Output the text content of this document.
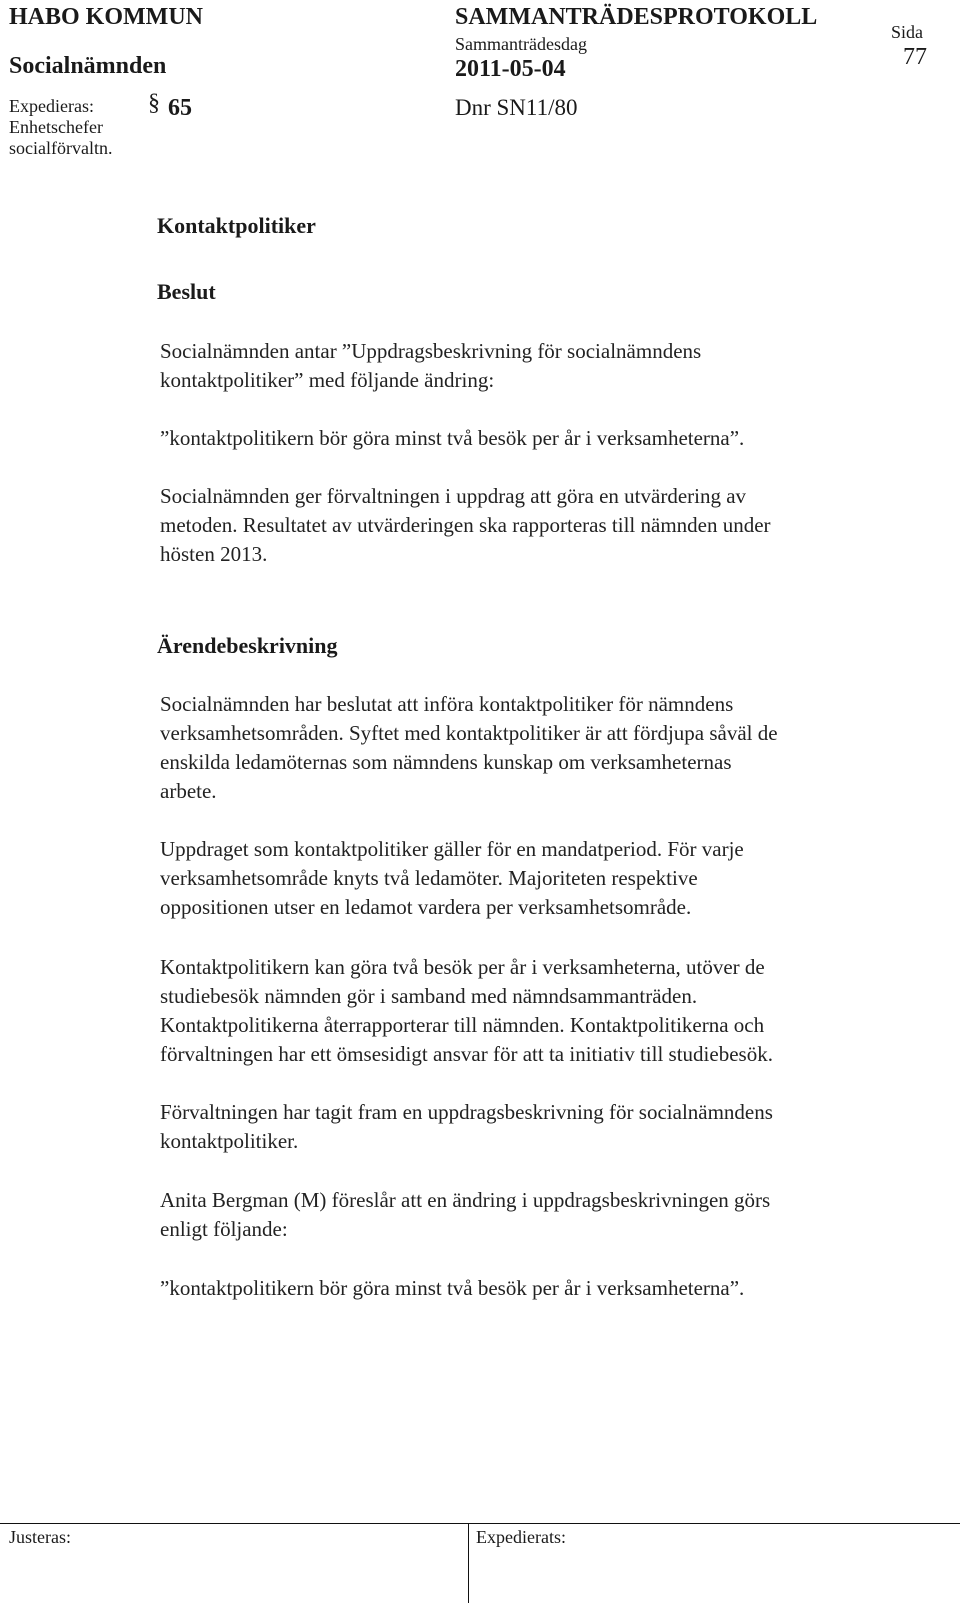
HABO KOMMUN
Socialnämnden
SAMMANTRÄDESPROTOKOLL
Sammanträdesdag
2011-05-04
Sida
77
Expedieras:
Enhetschefer
socialförvaltn.
§ 65	Dnr SN11/80
Kontaktpolitiker
Beslut

Socialnämnden antar ”Uppdragsbeskrivning för socialnämndens

kontaktpolitiker” med följande ändring:

”kontaktpolitikern bör göra minst två besök per år i verksamheterna”.

Socialnämnden ger förvaltningen i uppdrag att göra en utvärdering av

metoden. Resultatet av utvärderingen ska rapporteras till nämnden under

hösten 2013.

Ärendebeskrivning

Socialnämnden har beslutat att införa kontaktpolitiker för nämndens

verksamhetsområden. Syftet med kontaktpolitiker är att fördjupa såväl de

enskilda ledamöternas som nämndens kunskap om verksamheternas

arbete.

Uppdraget som kontaktpolitiker gäller för en mandatperiod. För varje

verksamhetsområde knyts två ledamöter. Majoriteten respektive

oppositionen utser en ledamot vardera per verksamhetsområde.

Kontaktpolitikern kan göra två besök per år i verksamheterna, utöver de

studiebesök nämnden gör i samband med nämndsammanträden.

Kontaktpolitikerna återrapporterar till nämnden. Kontaktpolitikerna och

förvaltningen har ett ömsesidigt ansvar för att ta initiativ till studiebesök.

Förvaltningen har tagit fram en uppdragsbeskrivning för socialnämndens

kontaktpolitiker.

Anita Bergman (M) föreslår att en ändring i uppdragsbeskrivningen görs

enligt följande:

”kontaktpolitikern bör göra minst två besök per år i verksamheterna”.

Justeras:	Expedierats:
